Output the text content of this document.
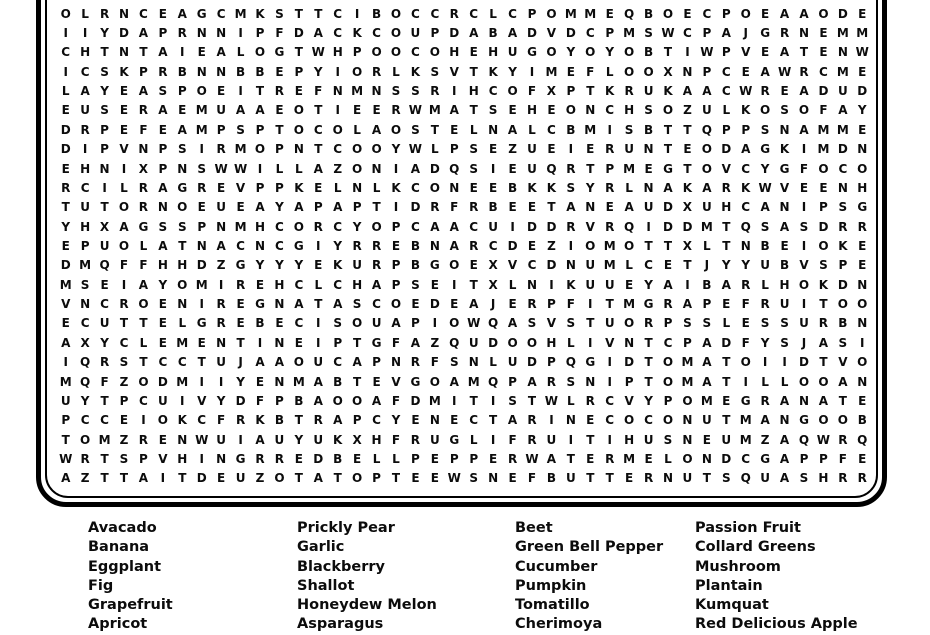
O L R N C E A G C M K S T T C	I	B O C C R C L C P O M M E Q B O E C P O E A A O D E
I	I	Y D A P R N N	I	P F D A C K C O U P D A B A D V D C P M S W C P A	J	G R N E M M
C H T N T A	I	E A L O G T W H P O O C O H E H U G O Y O Y O B T	I W P V E A T E N W
I	C S K P R B N N B B E P Y	I	O R L K S V T K Y	I M E F L O O X N P C E A W R C M E
L A Y E A S P O E	I	T R E F N M N S S R	I	H C O F X P T K R U K A A C W R E A D U D
E U S E R A E M U A A E O T	I	E E R W M A T S E H E O N C H S O Z U L K O S O F A Y
D R P E F E A M P S P T O C O L A O S T E L N A L C B M I	S B T T Q P P S N A M M E
D	I	P V N P S	I	R M O P N T C O O Y W L P S E Z U E	I	E R U N T E O D A G K	I M D N
E H N	I	X P N S W W I	L L A Z O N	I	A D Q S	I	E U Q R T P M E G T O V C Y G F O C O
R C	I	L R A G R E V P P K E L N L K C O N E E B K K S Y R L N A K A R K W V E E N H
T U T O R N O E U E A Y A P A P T	I	D R F R B E E T A N E A U D X U H C A N	I	P S G
Y H X A G S S P N M H C O R C Y O P C A A C U	I	D D R V R Q	I	D D M T Q S A S D R R
E P U O L A T N A C N C G	I	Y R R E B N A R C D E Z	I	O M O T T X L T N B E	I	O K E
D M Q F F H H D Z G Y Y Y E K U R P B G O E X V C D N U M L C E T	J	Y Y U B V S P E
M S E	I	A Y O M I	R E H C L C H A P S E	I	T X L N	I	K U U E Y A	I	B A R L H O K D N
V N C R O E N	I	R E G N A T A S C O E D E A	J	E R P F	I	T M G R A P E F R U	I	T O O
E C U T T E L G R E B E C	I	S O U A P	I	O W Q A S V S T U O R P S S L E S S U R B N
A X Y C L E M E N T	I	N E	I	P T G F A Z Q U D O O H L	I	V N T C P A D F Y S	J	A S	I
I	Q R S T C C T U	J	A A O U C A P N R F S N L U D P Q G	I	D T O M A T O	I	I	D T V O
M Q F Z O D M I	I	Y E N M A B T E V G O A M Q P A R S N	I	P T O M A T	I	L L O O A N
U Y T P C U	I	V Y D F P B A O O A F D M I	T	I	S T W L R C V Y P O M E G R A N A T E
P C C E	I	O K C F R K B T R A P C Y E N E C T A R	I	N E C O C O N U T M A N G O O B
T O M Z R E N W U	I	A U Y U K X H F R U G L	I	F R U	I	T	I	H U S N E U M Z A Q W R Q
W R T S P V H	I	N G R R E D B E L L P E P P E R W A T E R M E L O N D C G A P P F E
A Z T T A	I	T D E U Z O T A T O P T E E W S N E F B U T T E R N U T S Q U A S H R R
Avacado
Banana
Eggplant
Fig
Grapefruit
Apricot
Prickly Pear
Garlic
Blackberry
Shallot
Honeydew Melon
Asparagus
Beet
Green Bell Pepper
Cucumber
Pumpkin
Tomatillo
Cherimoya
Passion Fruit
Collard Greens
Mushroom
Plantain
Kumquat
Red Delicious Apple
